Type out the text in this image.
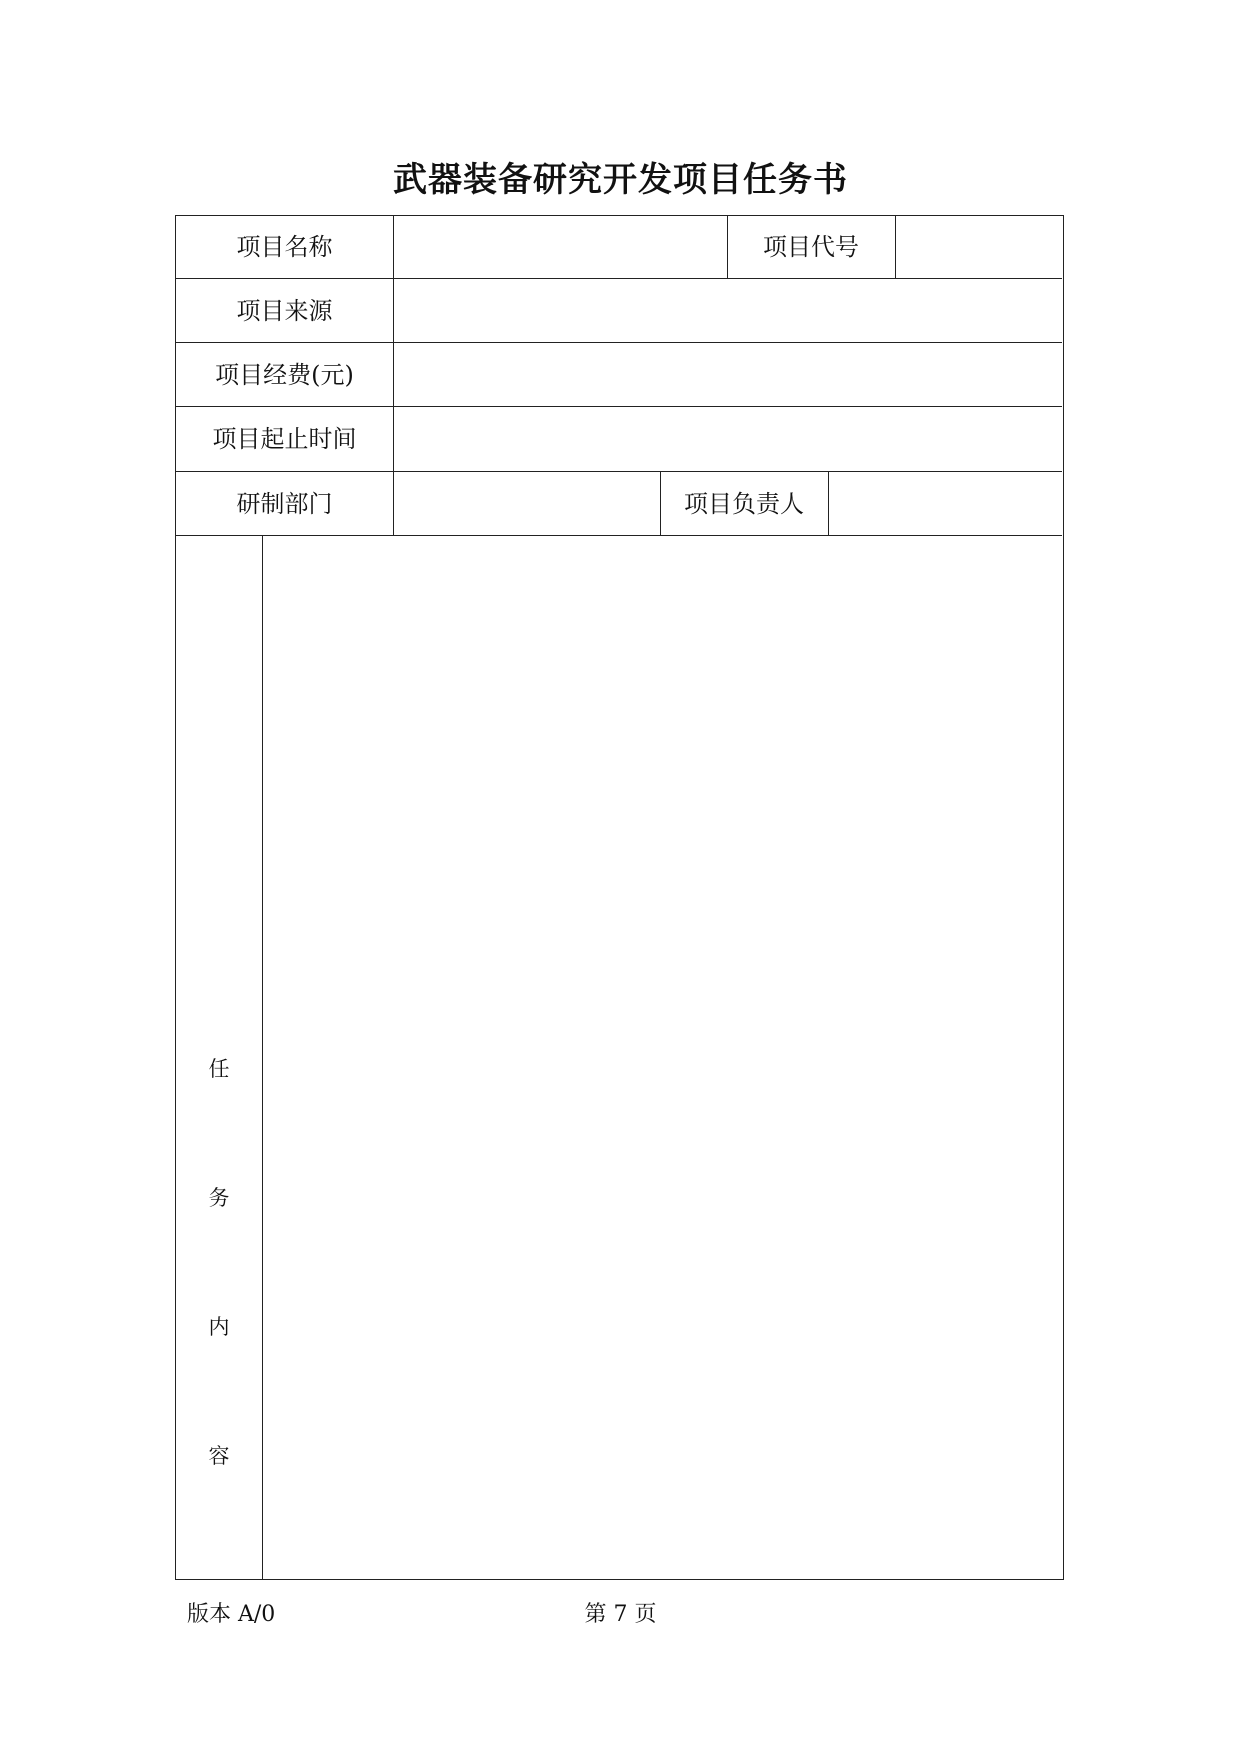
武器装备研究开发项目任务书
项目名称	项目代号
项目来源
项目经费(元)
项目起止时间
研制部门	项目负责人
任
务
内
容
版本 A/0	第 7 页
